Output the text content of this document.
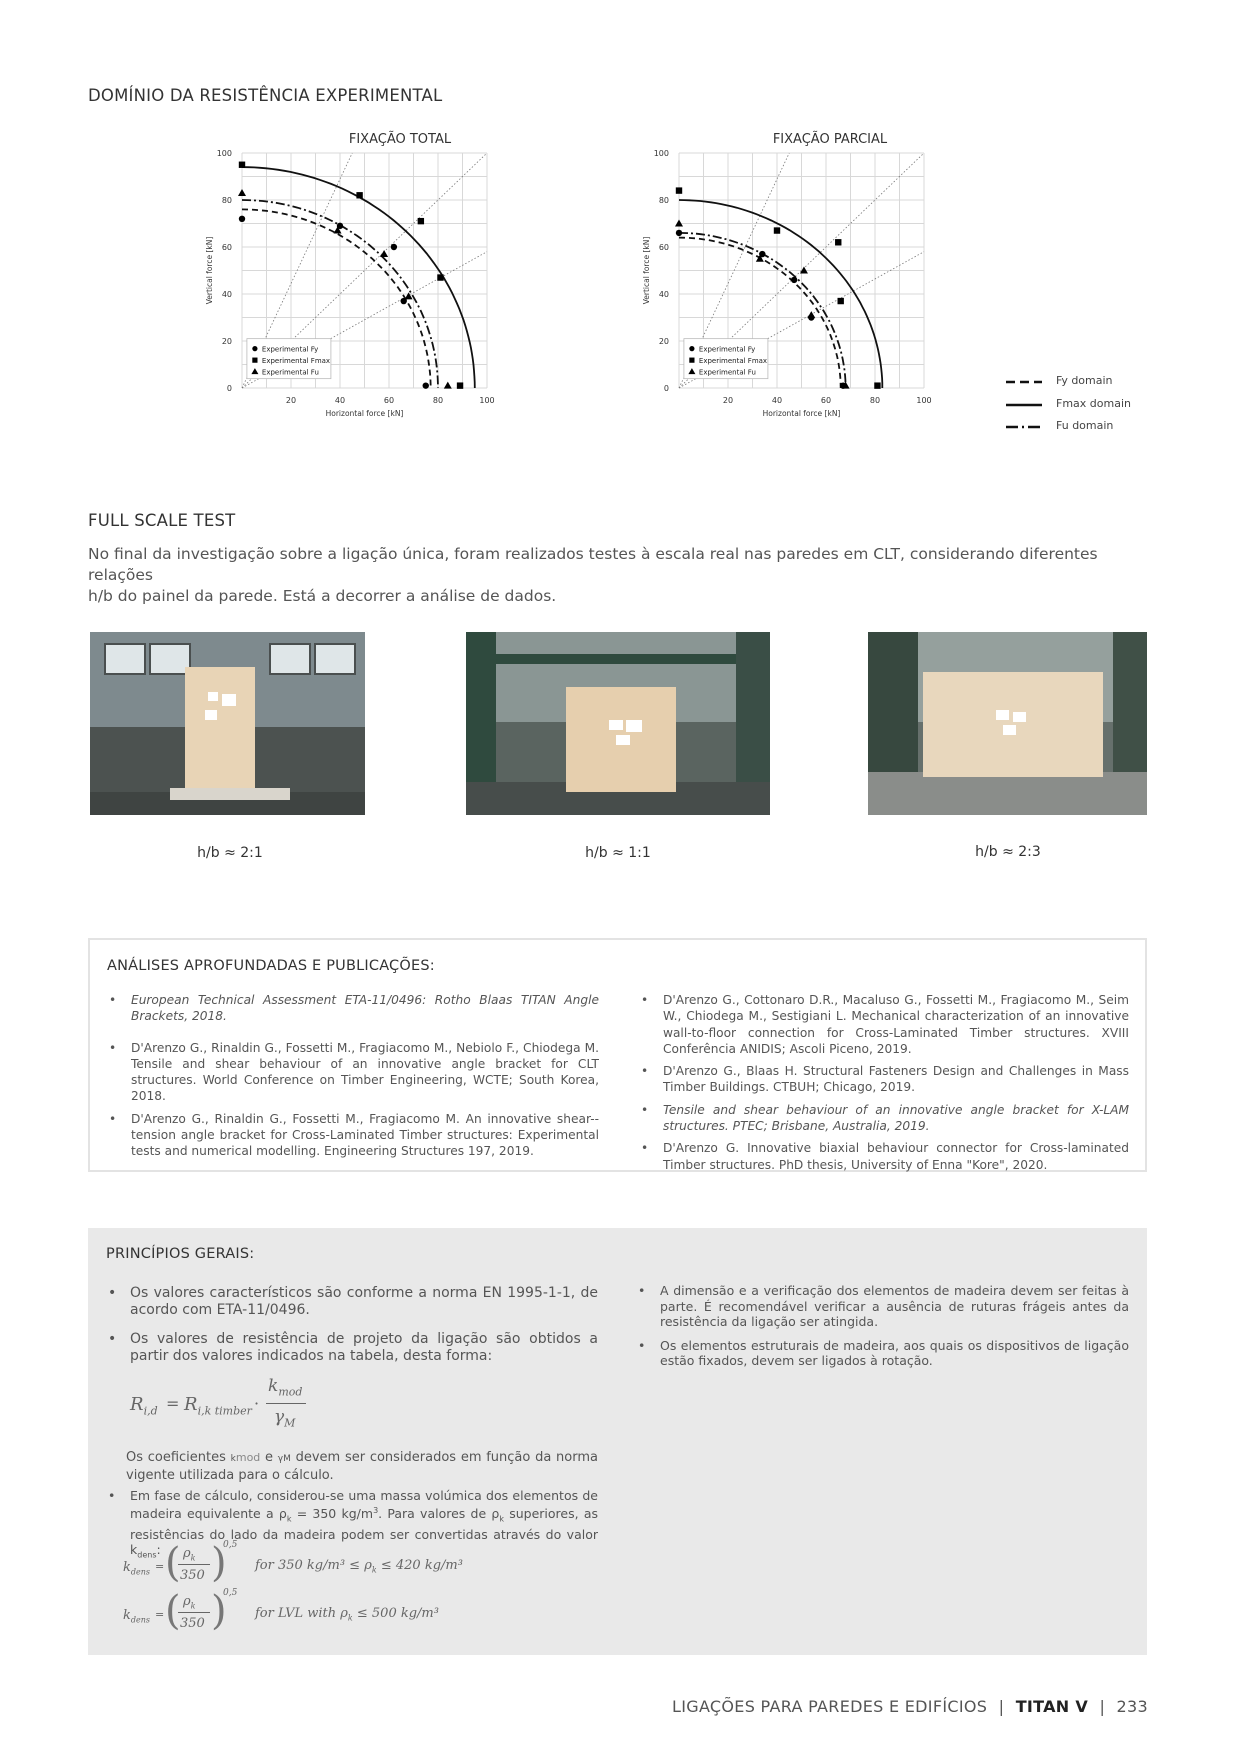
DOMÍNIO DA RESISTÊNCIA EXPERIMENTAL
FIXAÇÃO TOTAL	FIXAÇÃO PARCIAL
20	40	60	80	100
0
20
40
60
80
100
Horizontal force [kN]
Vertical force [kN]
Experimental Fy
Experimental Fmax
Experimental Fu
20	40	60	80	100
0
20
40
60
80
100
Horizontal force [kN]
Vertical force [kN]
Experimental Fy
Experimental Fmax
Experimental Fu
Fy domain
Fmax domain
Fu domain
FULL SCALE TEST
No final da investigação sobre a ligação única, foram realizados testes à escala real nas paredes em CLT, considerando diferentes relações
h/b do painel da parede. Está a decorrer a análise de dados.
h/b ≈ 2:1	h/b ≈ 1:1	h/b ≈ 2:3
ANÁLISES APROFUNDADAS E PUBLICAÇÕES:
• European Technical Assessment ETA-11/0496: Rotho Blaas TITAN Angle Brackets, 2018.
• D'Arenzo G., Rinaldin G., Fossetti M., Fragiacomo M., Nebiolo F., Chiodega M. Tensile and shear behaviour of an innovative angle bracket for CLT structures. World Conference on Timber Engineering, WCTE; South Korea, 2018.
• D'Arenzo G., Rinaldin G., Fossetti M., Fragiacomo M. An innovative shear--tension angle bracket for Cross-Laminated Timber structures: Experimental tests and numerical modelling. Engineering Structures 197, 2019.
• D'Arenzo G., Cottonaro D.R., Macaluso G., Fossetti M., Fragiacomo M., Seim W., Chiodega M., Sestigiani L. Mechanical characterization of an innovative wall-to-floor connection for Cross-Laminated Timber structures. XVIII Conferência ANIDIS; Ascoli Piceno, 2019.
• D'Arenzo G., Blaas H. Structural Fasteners Design and Challenges in Mass Timber Buildings. CTBUH; Chicago, 2019.
• Tensile and shear behaviour of an innovative angle bracket for X-LAM structures. PTEC; Brisbane, Australia, 2019.
• D'Arenzo G. Innovative biaxial behaviour connector for Cross-laminated Timber structures. PhD thesis, University of Enna "Kore", 2020.
PRINCÍPIOS GERAIS:
• Os valores característicos são conforme a norma EN 1995-1-1, de acordo com ETA-11/0496.
• Os valores de resistência de projeto da ligação são obtidos a partir dos valores indicados na tabela, desta forma:
$R_{i,d} = R_{i,k timber}$ ·
$k_{mod}$
$\gamma_M$
Os coeficientes kmod e γM devem ser considerados em função da norma vigente utilizada para o cálculo.
• Em fase de cálculo, considerou-se uma massa volúmica dos elementos de madeira equivalente a $\rho_k = 350$ $kg/m^3$. Para valores de $\rho_k$ superiores, as resistências do lado da madeira podem ser convertidas através do valor $k_{dens}$:
$k_{dens}$ = ( $\rho_k$
350 )
0,5
for 350 $kg/m^3 \le \rho_k \le 420$ kg/m³
$k_{dens}$ = ( $\rho_k$
350 )
0,5
for LVL with $\rho_k \le 500$ kg/m³
• A dimensão e a verificação dos elementos de madeira devem ser feitas à parte. É recomendável verificar a ausência de ruturas frágeis antes da resistência da ligação ser atingida.
• Os elementos estruturais de madeira, aos quais os dispositivos de ligação estão fixados, devem ser ligados à rotação.
LIGAÇÕES PARA PAREDES E EDIFÍCIOS | TITAN V | 233
